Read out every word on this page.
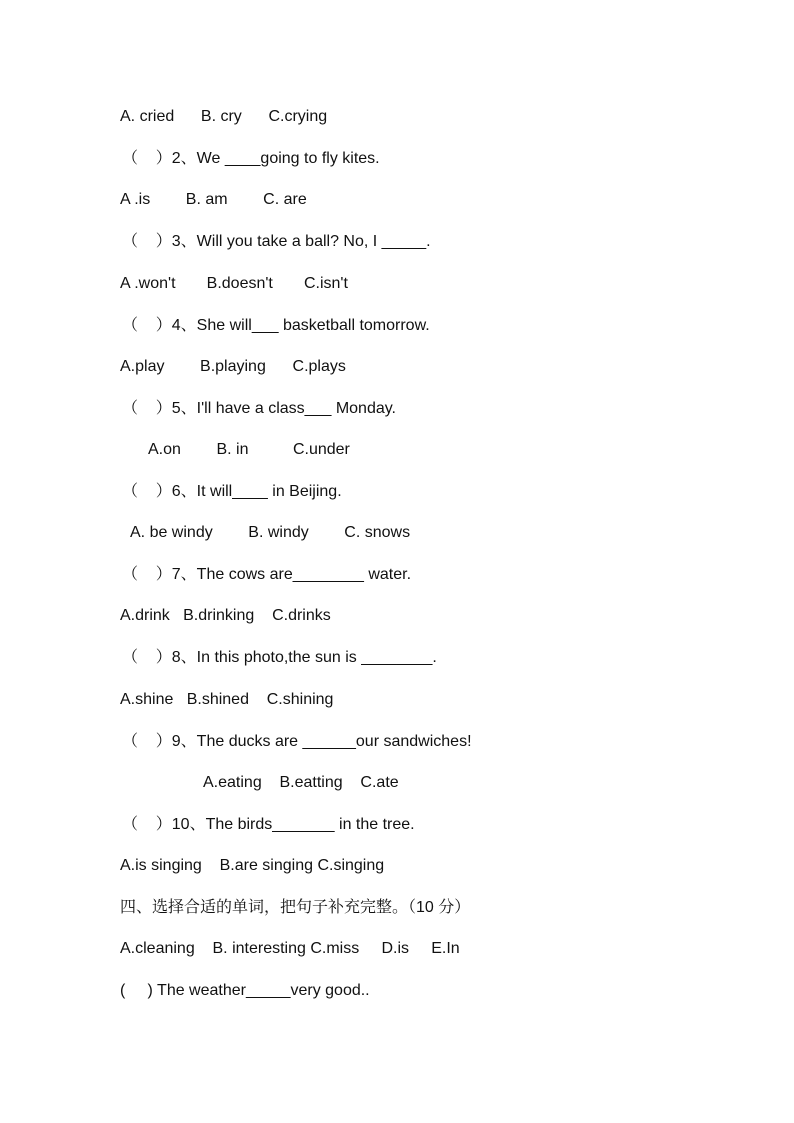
A. cried      B. cry      C.crying
（    ）2、We ____going to fly kites.
A .is        B. am        C. are
（    ）3、Will you take a ball? No, I _____.
A .won't       B.doesn't       C.isn't
（    ）4、She will___ basketball tomorrow.
A.play        B.playing      C.plays
（    ）5、I'll have a class___ Monday.
A.on        B. in          C.under
（    ）6、It will____ in Beijing.
A. be windy        B. windy        C. snows
（    ）7、The cows are________ water.
A.drink   B.drinking    C.drinks
（    ）8、In this photo,the sun is ________.
A.shine   B.shined    C.shining
（    ）9、The ducks are ______our sandwiches!
A.eating    B.eatting    C.ate
（    ）10、The birds_______ in the tree.
A.is singing    B.are singing C.singing
四、选择合适的单词，把句子补充完整。（10 分）
A.cleaning    B. interesting C.miss     D.is     E.In
(     ) The weather_____very good..
